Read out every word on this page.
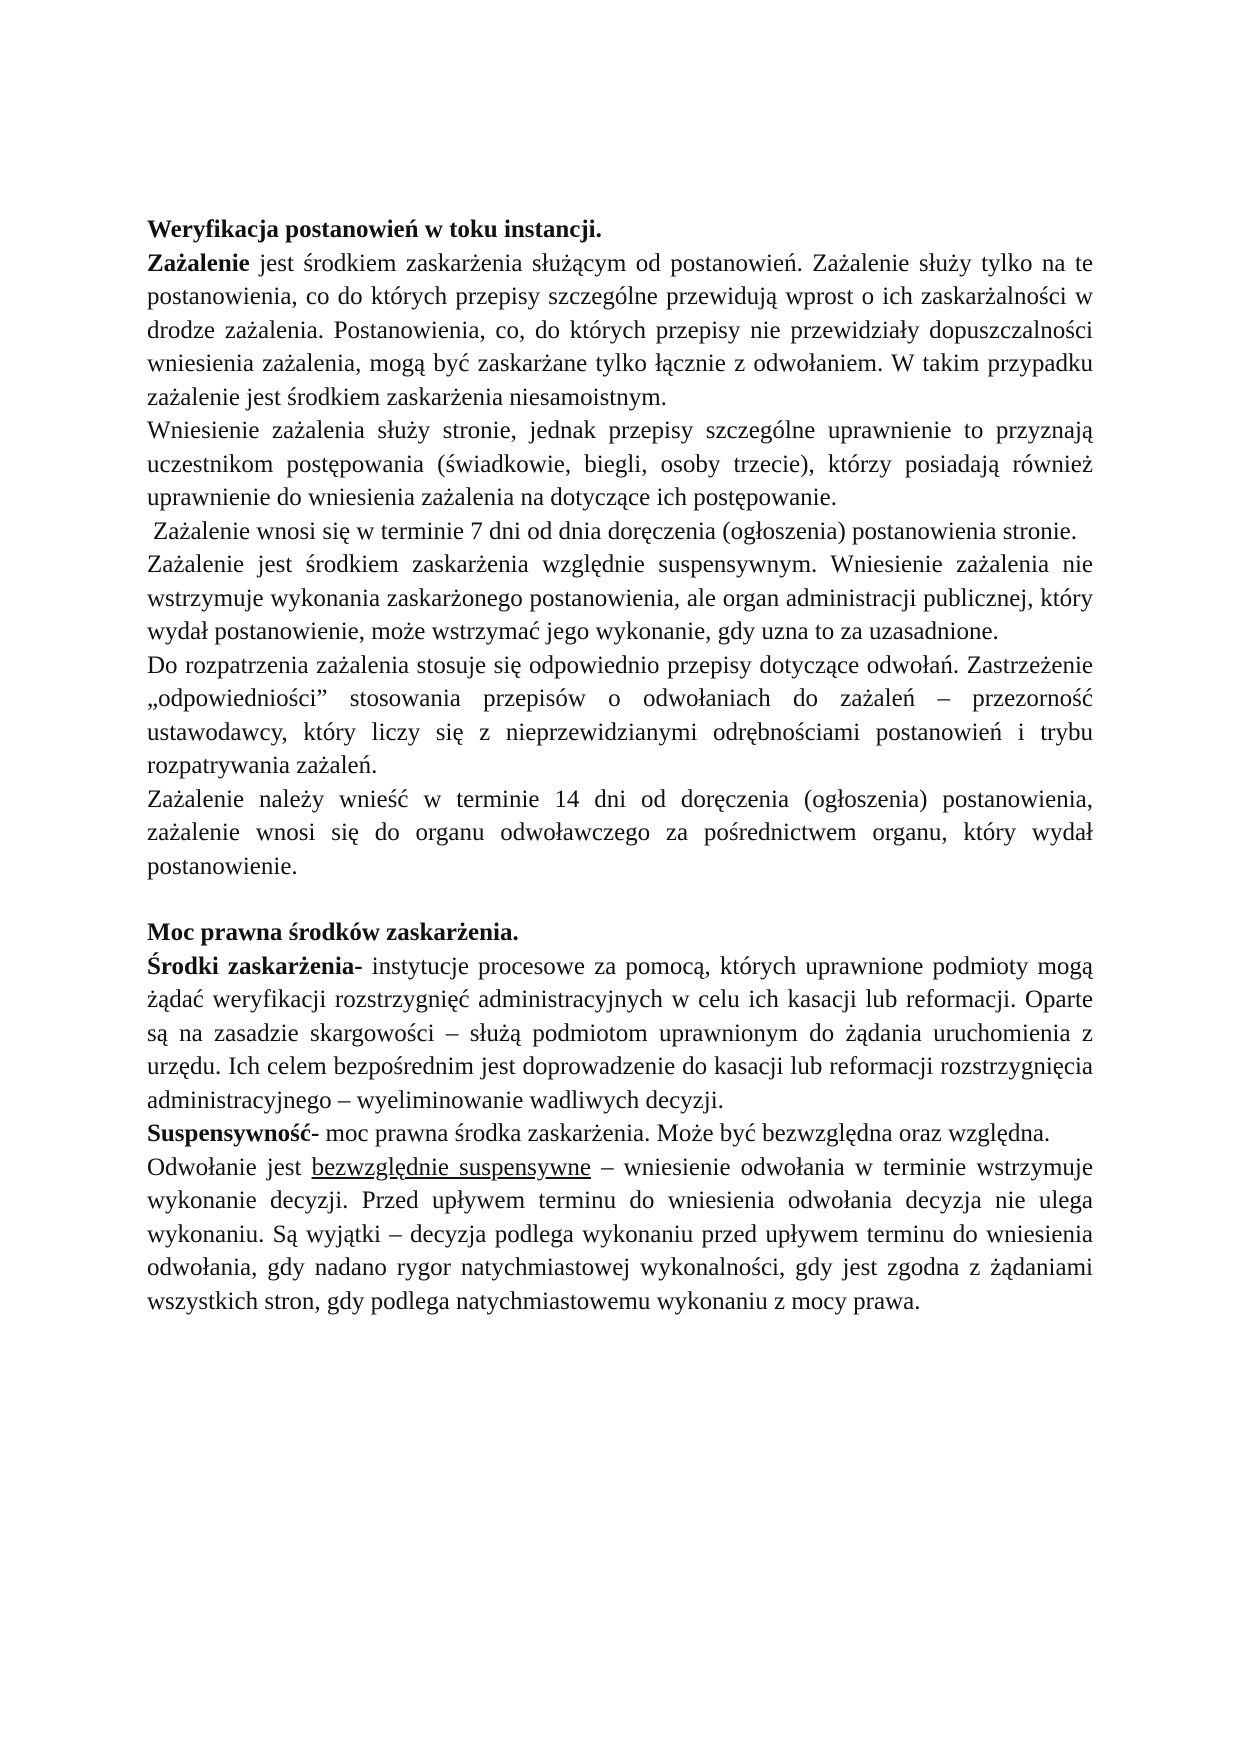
Weryfikacja postanowień w toku instancji.

Zażalenie jest środkiem zaskarżenia służącym od postanowień. Zażalenie służy tylko na te postanowienia, co do których przepisy szczególne przewidują wprost o ich zaskarżalności w drodze zażalenia. Postanowienia, co, do których przepisy nie przewidziały dopuszczalności wniesienia zażalenia, mogą być zaskarżane tylko łącznie z odwołaniem. W takim przypadku zażalenie jest środkiem zaskarżenia niesamoistnym.

Wniesienie zażalenia służy stronie, jednak przepisy szczególne uprawnienie to przyznają uczestnikom postępowania (świadkowie, biegli, osoby trzecie), którzy posiadają również uprawnienie do wniesienia zażalenia na dotyczące ich postępowanie.

Zażalenie wnosi się w terminie 7 dni od dnia doręczenia (ogłoszenia) postanowienia stronie.

Zażalenie jest środkiem zaskarżenia względnie suspensywnym. Wniesienie zażalenia nie wstrzymuje wykonania zaskarżonego postanowienia, ale organ administracji publicznej, który wydał postanowienie, może wstrzymać jego wykonanie, gdy uzna to za uzasadnione.

Do rozpatrzenia zażalenia stosuje się odpowiednio przepisy dotyczące odwołań. Zastrzeżenie „odpowiedniości” stosowania przepisów o odwołaniach do zażaleń – przezorność ustawodawcy, który liczy się z nieprzewidzianymi odrębnościami postanowień i trybu rozpatrywania zażaleń.

Zażalenie należy wnieść w terminie 14 dni od doręczenia (ogłoszenia) postanowienia, zażalenie wnosi się do organu odwoławczego za pośrednictwem organu, który wydał postanowienie.

Moc prawna środków zaskarżenia.

Środki zaskarżenia- instytucje procesowe za pomocą, których uprawnione podmioty mogą żądać weryfikacji rozstrzygnięć administracyjnych w celu ich kasacji lub reformacji. Oparte są na zasadzie skargowości – służą podmiotom uprawnionym do żądania uruchomienia z urzędu. Ich celem bezpośrednim jest doprowadzenie do kasacji lub reformacji rozstrzygnięcia administracyjnego – wyeliminowanie wadliwych decyzji.

Suspensywność- moc prawna środka zaskarżenia. Może być bezwzględna oraz względna.

Odwołanie jest bezwzględnie suspensywne – wniesienie odwołania w terminie wstrzymuje wykonanie decyzji. Przed upływem terminu do wniesienia odwołania decyzja nie ulega wykonaniu. Są wyjątki – decyzja podlega wykonaniu przed upływem terminu do wniesienia odwołania, gdy nadano rygor natychmiastowej wykonalności, gdy jest zgodna z żądaniami wszystkich stron, gdy podlega natychmiastowemu wykonaniu z mocy prawa.
